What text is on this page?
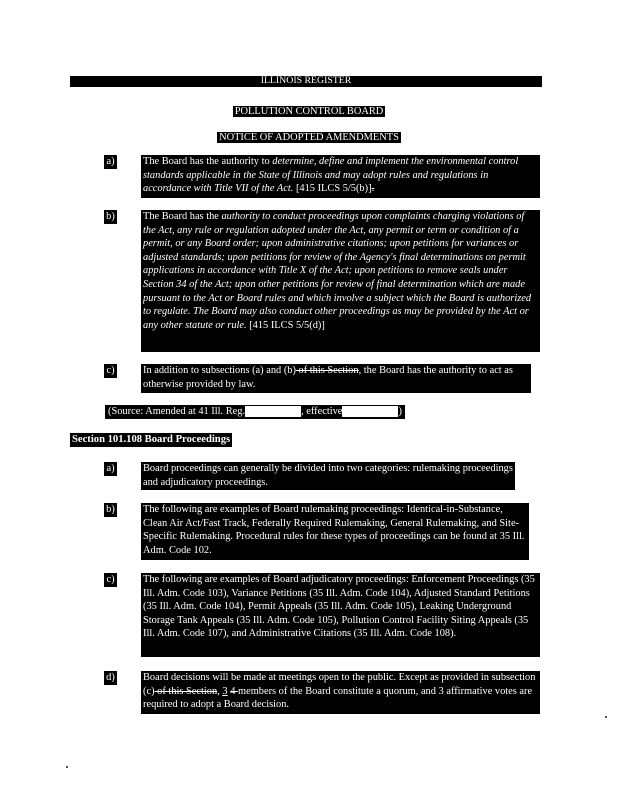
ILLINOIS REGISTER
POLLUTION CONTROL BOARD
NOTICE OF ADOPTED AMENDMENTS
a)	The Board has the authority to determine, define and implement the environmental control standards applicable in the State of Illinois and may adopt rules and regulations in accordance with Title VII of the Act. [415 ILCS 5/5(b)].
b)	The Board has the authority to conduct proceedings upon complaints charging violations of the Act, any rule or regulation adopted under the Act, any permit or term or condition of a permit, or any Board order; upon administrative citations; upon petitions for variances or adjusted standards; upon petitions for review of the Agency's final determinations on permit applications in accordance with Title X of the Act; upon petitions to remove seals under Section 34 of the Act; upon other petitions for review of final determination which are made pursuant to the Act or Board rules and which involve a subject which the Board is authorized to regulate. The Board may also conduct other proceedings as may be provided by the Act or any other statute or rule. [415 ILCS 5/5(d)]
c)	In addition to subsections (a) and (b) of this Section, the Board has the authority to act as otherwise provided by law.
(Source: Amended at 41 Ill. Reg.	, effective	)
Section 101.108 Board Proceedings
a)	Board proceedings can generally be divided into two categories: rulemaking proceedings and adjudicatory proceedings.
b)	The following are examples of Board rulemaking proceedings: Identical-in-Substance, Clean Air Act/Fast Track, Federally Required Rulemaking, General Rulemaking, and Site-Specific Rulemaking. Procedural rules for these types of proceedings can be found at 35 Ill. Adm. Code 102.
c)	The following are examples of Board adjudicatory proceedings: Enforcement Proceedings (35 Ill. Adm. Code 103), Variance Petitions (35 Ill. Adm. Code 104), Adjusted Standard Petitions (35 Ill. Adm. Code 104), Permit Appeals (35 Ill. Adm. Code 105), Leaking Underground Storage Tank Appeals (35 Ill. Adm. Code 105), Pollution Control Facility Siting Appeals (35 Ill. Adm. Code 107), and Administrative Citations (35 Ill. Adm. Code 108).
d)	Board decisions will be made at meetings open to the public. Except as provided in subsection (c) of this Section, 3 4 members of the Board constitute a quorum, and 3 affirmative votes are required to adopt a Board decision.
